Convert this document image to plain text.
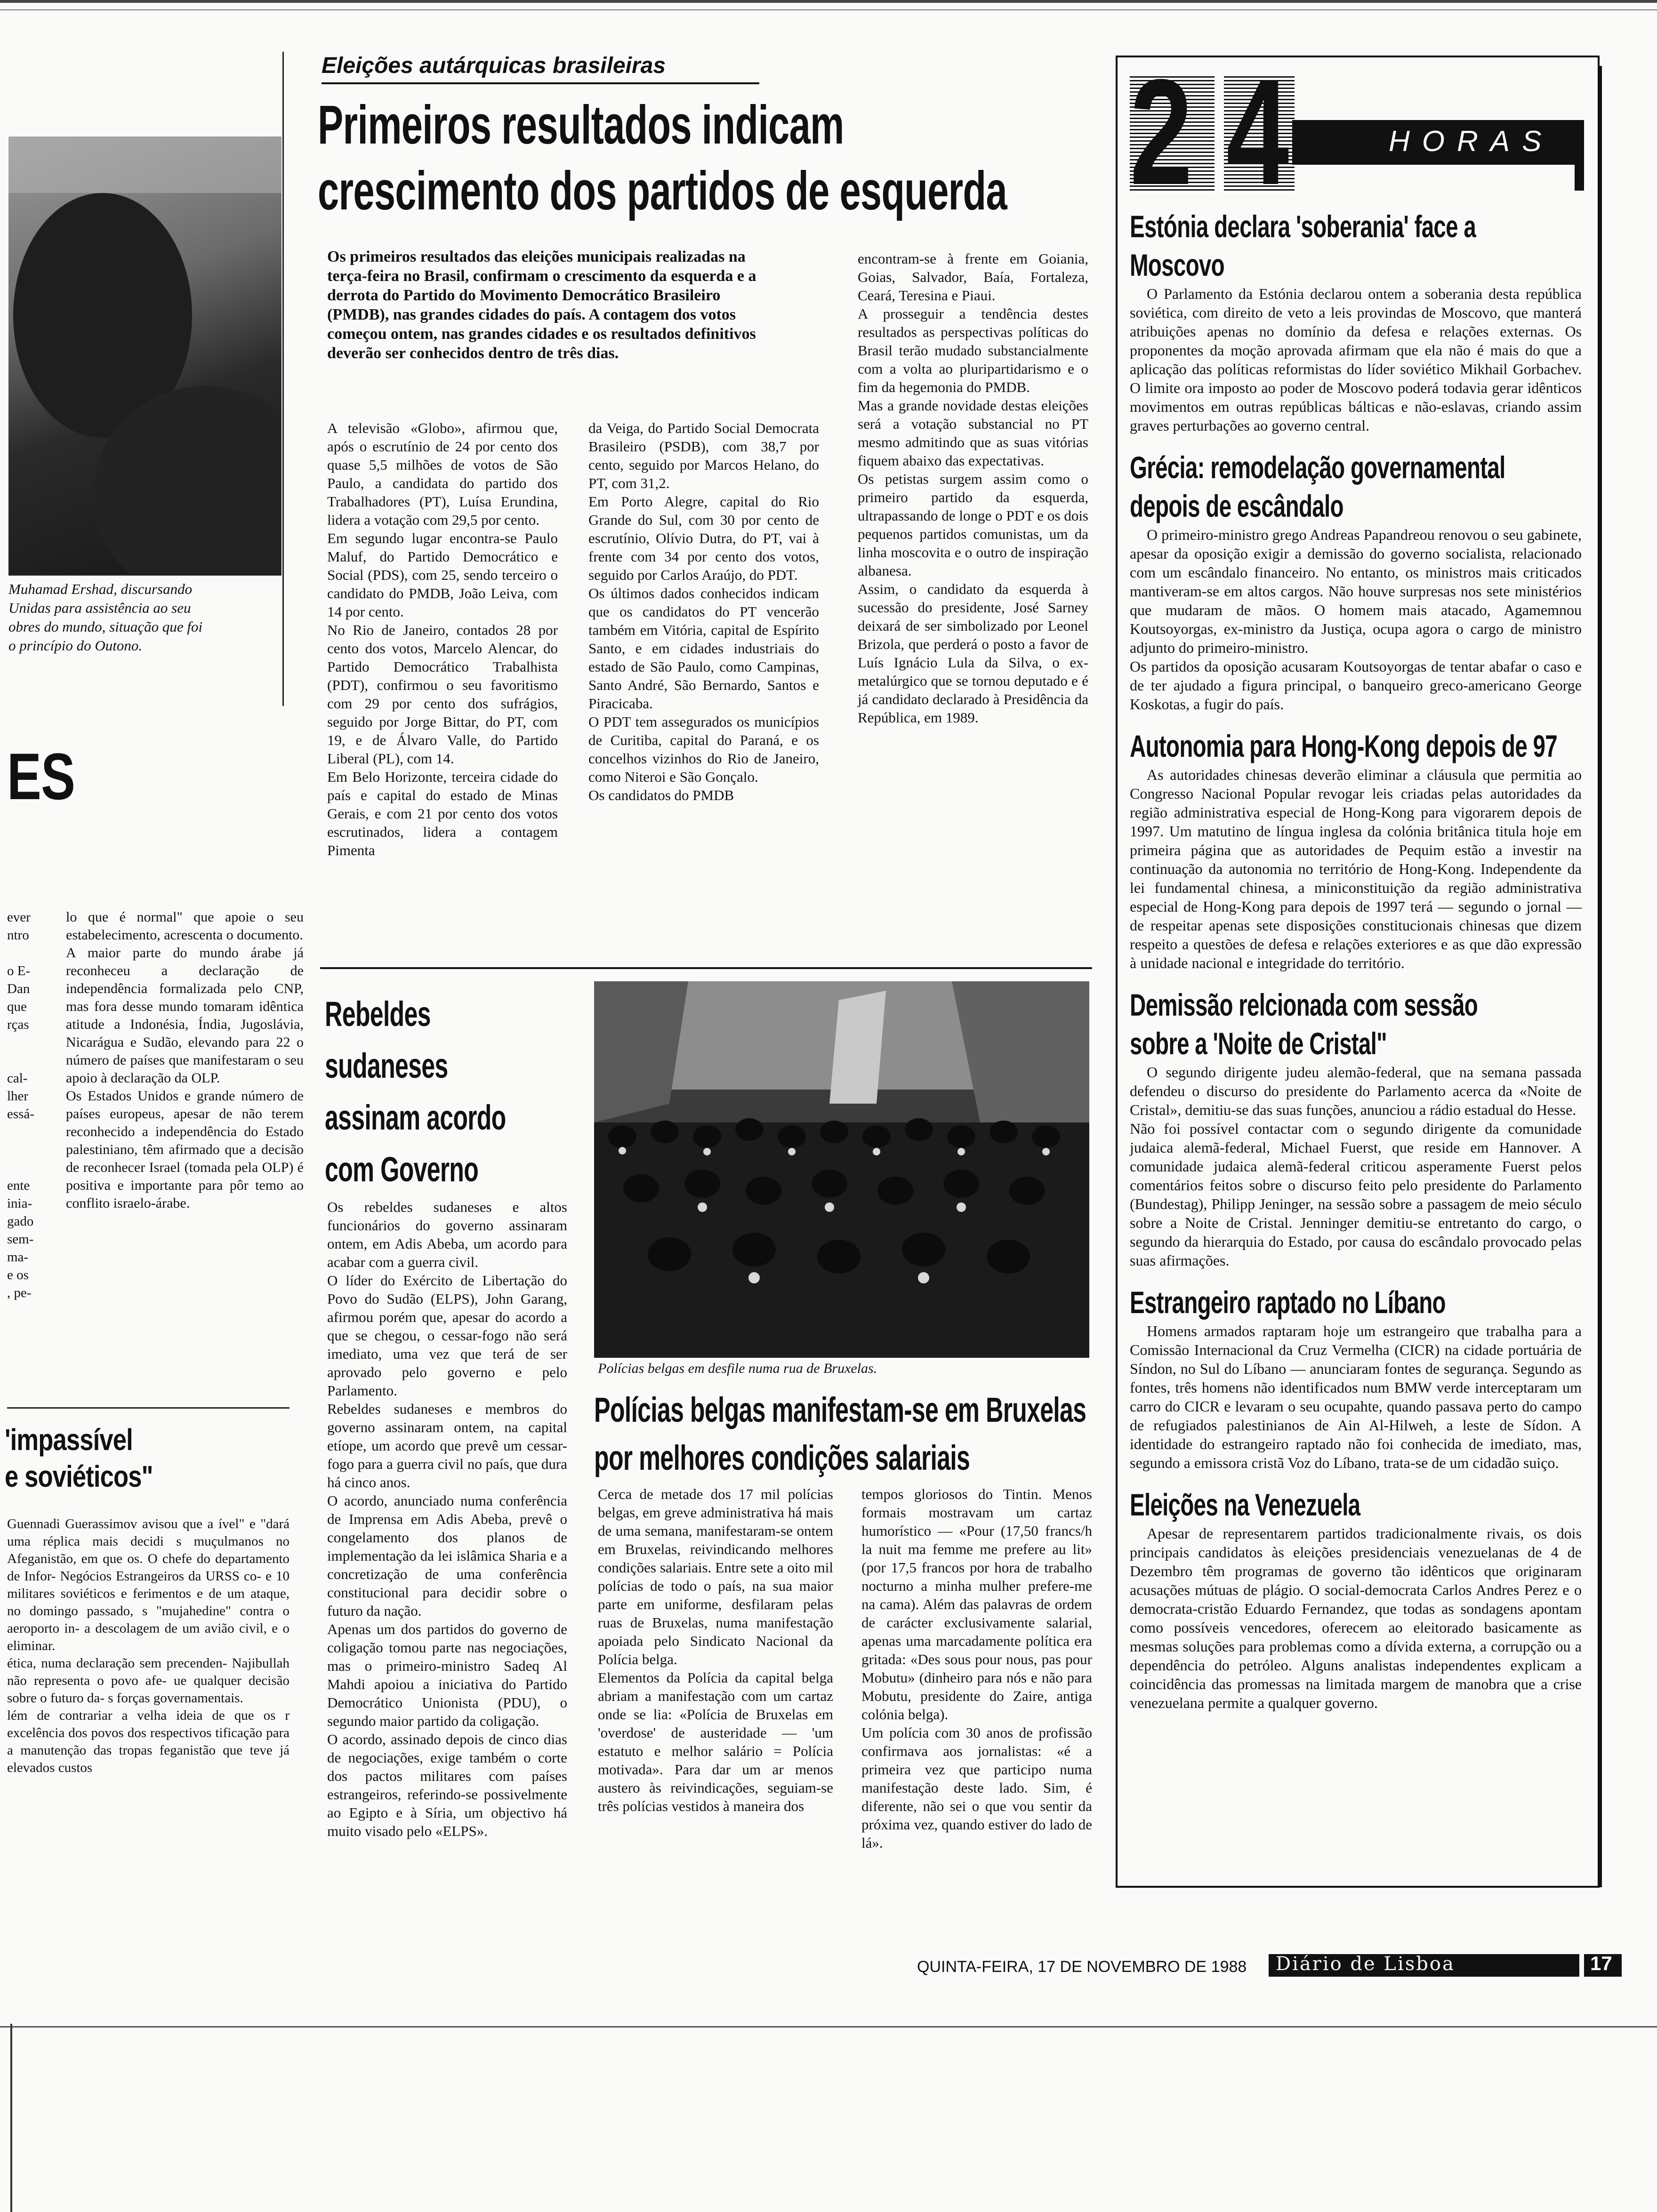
Muhamad Ershad, discursando
Unidas para assistência ao seu
obres do mundo, situação que foi
o princípio do Outono.
ES
ever
ntro
o E-
Dan
que
rças
cal-
lher
essá-
ente
inia-
gado
sem-
ma-
e os
, pe-
lo que é normal" que apoie o seu estabelecimento, acrescenta o documento.
A maior parte do mundo árabe já reconheceu a declaração de independência formalizada pelo CNP, mas fora desse mundo tomaram idêntica atitude a Indonésia, Índia, Jugoslávia, Nicarágua e Sudão, elevando para 22 o número de países que manifestaram o seu apoio à declaração da OLP.
Os Estados Unidos e grande número de países europeus, apesar de não terem reconhecido a independência do Estado palestiniano, têm afirmado que a decisão de reconhecer Israel (tomada pela OLP) é positiva e importante para pôr temo ao conflito israelo-árabe.
'impassível
e soviéticos"
Guennadi Guerassimov avisou que a ível" e "dará uma réplica mais decidi s muçulmanos no Afeganistão, em que os. O chefe do departamento de Infor- Negócios Estrangeiros da URSS co- e 10 militares soviéticos e ferimentos e de um ataque, no domingo passado, s "mujahedine" contra o aeroporto in- a descolagem de um avião civil, e o eliminar.
ética, numa declaração sem precenden- Najibullah não representa o povo afe- ue qualquer decisão sobre o futuro da- s forças governamentais.
lém de contrariar a velha ideia de que os r excelência dos povos dos respectivos tificação para a manutenção das tropas feganistão que teve já elevados custos
Eleições autárquicas brasileiras
Primeiros resultados indicam
crescimento dos partidos de esquerda
Os primeiros resultados das eleições municipais realizadas na terça-feira no Brasil, confirmam o crescimento da esquerda e a derrota do Partido do Movimento Democrático Brasileiro (PMDB), nas grandes cidades do país. A contagem dos votos começou ontem, nas grandes cidades e os resultados definitivos deverão ser conhecidos dentro de três dias.
A televisão «Globo», afirmou que, após o escrutínio de 24 por cento dos quase 5,5 milhões de votos de São Paulo, a candidata do partido dos Trabalhadores (PT), Luísa Erundina, lidera a votação com 29,5 por cento.
Em segundo lugar encontra-se Paulo Maluf, do Partido Democrático e Social (PDS), com 25, sendo terceiro o candidato do PMDB, João Leiva, com 14 por cento.
No Rio de Janeiro, contados 28 por cento dos votos, Marcelo Alencar, do Partido Democrático Trabalhista (PDT), confirmou o seu favoritismo com 29 por cento dos sufrágios, seguido por Jorge Bittar, do PT, com 19, e de Álvaro Valle, do Partido Liberal (PL), com 14.
Em Belo Horizonte, terceira cidade do país e capital do estado de Minas Gerais, e com 21 por cento dos votos escrutinados, lidera a contagem Pimenta
da Veiga, do Partido Social Democrata Brasileiro (PSDB), com 38,7 por cento, seguido por Marcos Helano, do PT, com 31,2.
Em Porto Alegre, capital do Rio Grande do Sul, com 30 por cento de escrutínio, Olívio Dutra, do PT, vai à frente com 34 por cento dos votos, seguido por Carlos Araújo, do PDT.
Os últimos dados conhecidos indicam que os candidatos do PT vencerão também em Vitória, capital de Espírito Santo, e em cidades industriais do estado de São Paulo, como Campinas, Santo André, São Bernardo, Santos e Piracicaba.
O PDT tem assegurados os municípios de Curitiba, capital do Paraná, e os concelhos vizinhos do Rio de Janeiro, como Niteroi e São Gonçalo.
Os candidatos do PMDB
encontram-se à frente em Goiania, Goias, Salvador, Baía, Fortaleza, Ceará, Teresina e Piaui.
A prosseguir a tendência destes resultados as perspectivas políticas do Brasil terão mudado substancialmente com a volta ao pluripartidarismo e o fim da hegemonia do PMDB.
Mas a grande novidade destas eleições será a votação substancial no PT mesmo admitindo que as suas vitórias fiquem abaixo das expectativas.
Os petistas surgem assim como o primeiro partido da esquerda, ultrapassando de longe o PDT e os dois pequenos partidos comunistas, um da linha moscovita e o outro de inspiração albanesa.
Assim, o candidato da esquerda à sucessão do presidente, José Sarney deixará de ser simbolizado por Leonel Brizola, que perderá o posto a favor de Luís Ignácio Lula da Silva, o ex-metalúrgico que se tornou deputado e é já candidato declarado à Presidência da República, em 1989.
Rebeldes
sudaneses
assinam acordo
com Governo
Os rebeldes sudaneses e altos funcionários do governo assinaram ontem, em Adis Abeba, um acordo para acabar com a guerra civil.
O líder do Exército de Libertação do Povo do Sudão (ELPS), John Garang, afirmou porém que, apesar do acordo a que se chegou, o cessar-fogo não será imediato, uma vez que terá de ser aprovado pelo governo e pelo Parlamento.
Rebeldes sudaneses e membros do governo assinaram ontem, na capital etíope, um acordo que prevê um cessar-fogo para a guerra civil no país, que dura há cinco anos.
O acordo, anunciado numa conferência de Imprensa em Adis Abeba, prevê o congelamento dos planos de implementação da lei islâmica Sharia e a concretização de uma conferência constitucional para decidir sobre o futuro da nação.
Apenas um dos partidos do governo de coligação tomou parte nas negociações, mas o primeiro-ministro Sadeq Al Mahdi apoiou a iniciativa do Partido Democrático Unionista (PDU), o segundo maior partido da coligação.
O acordo, assinado depois de cinco dias de negociações, exige também o corte dos pactos militares com países estrangeiros, referindo-se possivelmente ao Egipto e à Síria, um objectivo há muito visado pelo «ELPS».
Polícias belgas em desfile numa rua de Bruxelas.
Polícias belgas manifestam-se em Bruxelas
por melhores condições salariais
Cerca de metade dos 17 mil polícias belgas, em greve administrativa há mais de uma semana, manifestaram-se ontem em Bruxelas, reivindicando melhores condições salariais. Entre sete a oito mil polícias de todo o país, na sua maior parte em uniforme, desfilaram pelas ruas de Bruxelas, numa manifestação apoiada pelo Sindicato Nacional da Polícia belga.
Elementos da Polícia da capital belga abriam a manifestação com um cartaz onde se lia: «Polícia de Bruxelas em 'overdose' de austeridade — 'um estatuto e melhor salário = Polícia motivada». Para dar um ar menos austero às reivindicações, seguiam-se três polícias vestidos à maneira dos
tempos gloriosos do Tintin. Menos formais mostravam um cartaz humorístico — «Pour (17,50 francs/h la nuit ma femme me prefere au lit» (por 17,5 francos por hora de trabalho nocturno a minha mulher prefere-me na cama). Além das palavras de ordem de carácter exclusivamente salarial, apenas uma marcadamente política era gritada: «Des sous pour nous, pas pour Mobutu» (dinheiro para nós e não para Mobutu, presidente do Zaire, antiga colónia belga).
Um polícia com 30 anos de profissão confirmava aos jornalistas: «é a primeira vez que participo numa manifestação deste lado. Sim, é diferente, não sei o que vou sentir da próxima vez, quando estiver do lado de lá».
2 4	HORAS
Estónia declara 'soberania' face a Moscovo
O Parlamento da Estónia declarou ontem a soberania desta república soviética, com direito de veto a leis provindas de Moscovo, que manterá atribuições apenas no domínio da defesa e relações externas. Os proponentes da moção aprovada afirmam que ela não é mais do que a aplicação das políticas reformistas do líder soviético Mikhail Gorbachev. O limite ora imposto ao poder de Moscovo poderá todavia gerar idênticos movimentos em outras repúblicas bálticas e não-eslavas, criando assim graves perturbações ao governo central.
Grécia: remodelação governamental
depois de escândalo
O primeiro-ministro grego Andreas Papandreou renovou o seu gabinete, apesar da oposição exigir a demissão do governo socialista, relacionado com um escândalo financeiro. No entanto, os ministros mais criticados mantiveram-se em altos cargos. Não houve surpresas nos sete ministérios que mudaram de mãos. O homem mais atacado, Agamemnou Koutsoyorgas, ex-ministro da Justiça, ocupa agora o cargo de ministro adjunto do primeiro-ministro.
Os partidos da oposição acusaram Koutsoyorgas de tentar abafar o caso e de ter ajudado a figura principal, o banqueiro greco-americano George Koskotas, a fugir do país.
Autonomia para Hong-Kong depois de 97
As autoridades chinesas deverão eliminar a cláusula que permitia ao Congresso Nacional Popular revogar leis criadas pelas autoridades da região administrativa especial de Hong-Kong para vigorarem depois de 1997. Um matutino de língua inglesa da colónia britânica titula hoje em primeira página que as autoridades de Pequim estão a investir na continuação da autonomia no território de Hong-Kong. Independente da lei fundamental chinesa, a miniconstituição da região administrativa especial de Hong-Kong para depois de 1997 terá — segundo o jornal — de respeitar apenas sete disposições constitucionais chinesas que dizem respeito a questões de defesa e relações exteriores e as que dão expressão à unidade nacional e integridade do território.
Demissão relcionada com sessão
sobre a 'Noite de Cristal"
O segundo dirigente judeu alemão-federal, que na semana passada defendeu o discurso do presidente do Parlamento acerca da «Noite de Cristal», demitiu-se das suas funções, anunciou a rádio estadual do Hesse.
Não foi possível contactar com o segundo dirigente da comunidade judaica alemã-federal, Michael Fuerst, que reside em Hannover. A comunidade judaica alemã-federal criticou asperamente Fuerst pelos comentários feitos sobre o discurso feito pelo presidente do Parlamento (Bundestag), Philipp Jeninger, na sessão sobre a passagem de meio século sobre a Noite de Cristal. Jenninger demitiu-se entretanto do cargo, o segundo da hierarquia do Estado, por causa do escândalo provocado pelas suas afirmações.
Estrangeiro raptado no Líbano
Homens armados raptaram hoje um estrangeiro que trabalha para a Comissão Internacional da Cruz Vermelha (CICR) na cidade portuária de Síndon, no Sul do Líbano — anunciaram fontes de segurança. Segundo as fontes, três homens não identificados num BMW verde interceptaram um carro do CICR e levaram o seu ocupahte, quando passava perto do campo de refugiados palestinianos de Ain Al-Hilweh, a leste de Sídon. A identidade do estrangeiro raptado não foi conhecida de imediato, mas, segundo a emissora cristã Voz do Líbano, trata-se de um cidadão suiço.
Eleições na Venezuela
Apesar de representarem partidos tradicionalmente rivais, os dois principais candidatos às eleições presidenciais venezuelanas de 4 de Dezembro têm programas de governo tão idênticos que originaram acusações mútuas de plágio. O social-democrata Carlos Andres Perez e o democrata-cristão Eduardo Fernandez, que todas as sondagens apontam como possíveis vencedores, oferecem ao eleitorado basicamente as mesmas soluções para problemas como a dívida externa, a corrupção ou a dependência do petróleo. Alguns analistas independentes explicam a coincidência das promessas na limitada margem de manobra que a crise venezuelana permite a qualquer governo.
QUINTA-FEIRA, 17 DE NOVEMBRO DE 1988 Diário de Lisboa	17
